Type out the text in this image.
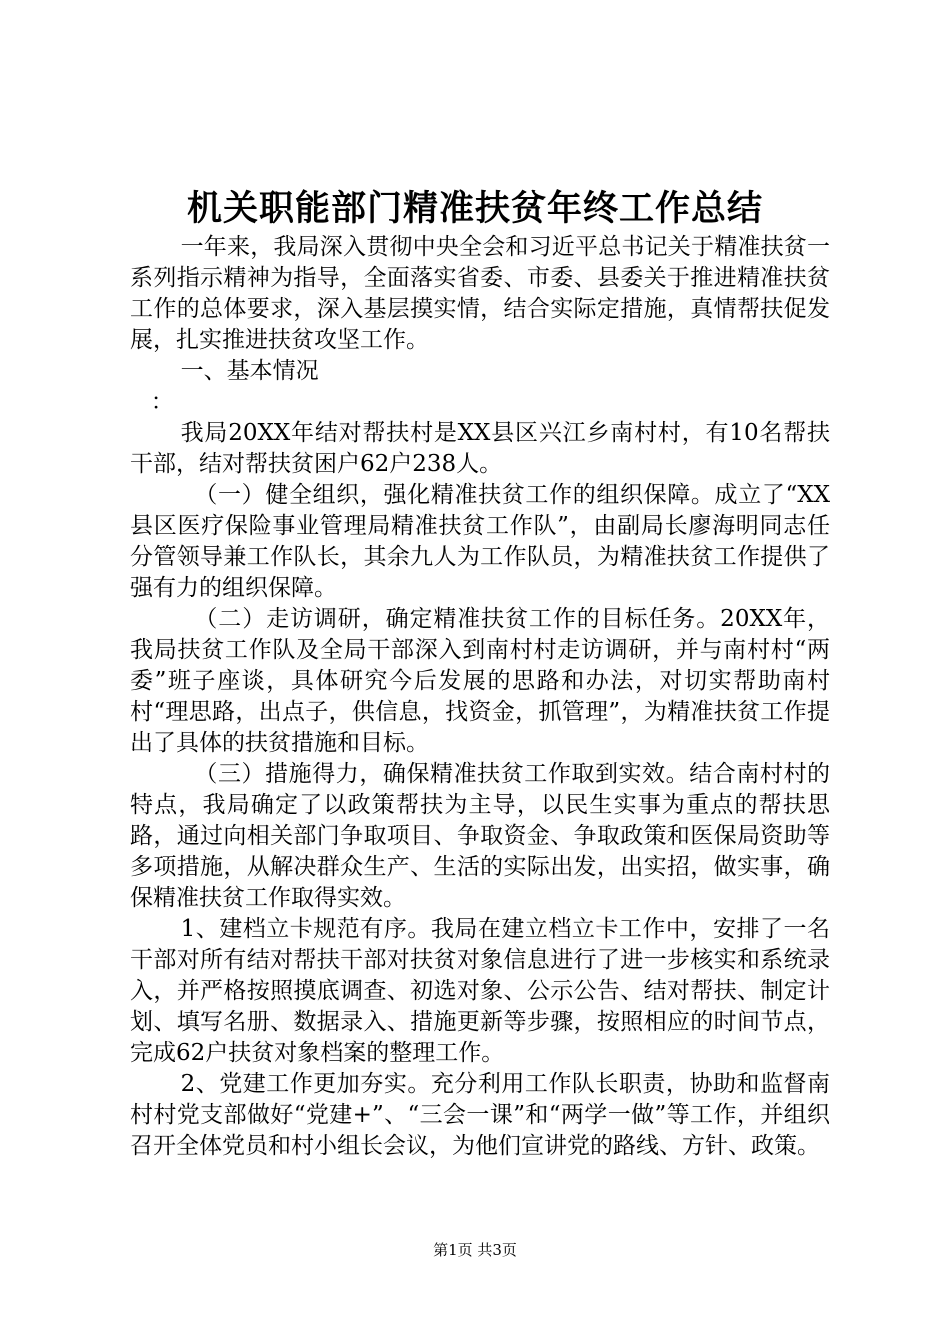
机关职能部门精准扶贫年终工作总结

一年来，我局深入贯彻中央全会和习近平总书记关于精准扶贫一系列指示精神为指导，全面落实省委、市委、县委关于推进精准扶贫工作的总体要求，深入基层摸实情，结合实际定措施，真情帮扶促发展，扎实推进扶贫攻坚工作。

一、基本情况

：

我局20XX年结对帮扶村是XX县区兴江乡南村村，有10名帮扶干部，结对帮扶贫困户62户238人。

（一）健全组织，强化精准扶贫工作的组织保障。成立了“XX县区医疗保险事业管理局精准扶贫工作队”，由副局长廖海明同志任分管领导兼工作队长，其余九人为工作队员，为精准扶贫工作提供了强有力的组织保障。

（二）走访调研，确定精准扶贫工作的目标任务。20XX年，我局扶贫工作队及全局干部深入到南村村走访调研，并与南村村“两委”班子座谈，具体研究今后发展的思路和办法，对切实帮助南村村“理思路，出点子，供信息，找资金，抓管理”，为精准扶贫工作提出了具体的扶贫措施和目标。

（三）措施得力，确保精准扶贫工作取到实效。结合南村村的特点，我局确定了以政策帮扶为主导，以民生实事为重点的帮扶思路，通过向相关部门争取项目、争取资金、争取政策和医保局资助等多项措施，从解决群众生产、生活的实际出发，出实招，做实事，确保精准扶贫工作取得实效。

1、建档立卡规范有序。我局在建立档立卡工作中，安排了一名干部对所有结对帮扶干部对扶贫对象信息进行了进一步核实和系统录入，并严格按照摸底调查、初选对象、公示公告、结对帮扶、制定计划、填写名册、数据录入、措施更新等步骤，按照相应的时间节点，完成62户扶贫对象档案的整理工作。

2、党建工作更加夯实。充分利用工作队长职责，协助和监督南村村党支部做好“党建+”、“三会一课”和“两学一做”等工作，并组织召开全体党员和村小组长会议，为他们宣讲党的路线、方针、政策。

第1页 共3页
